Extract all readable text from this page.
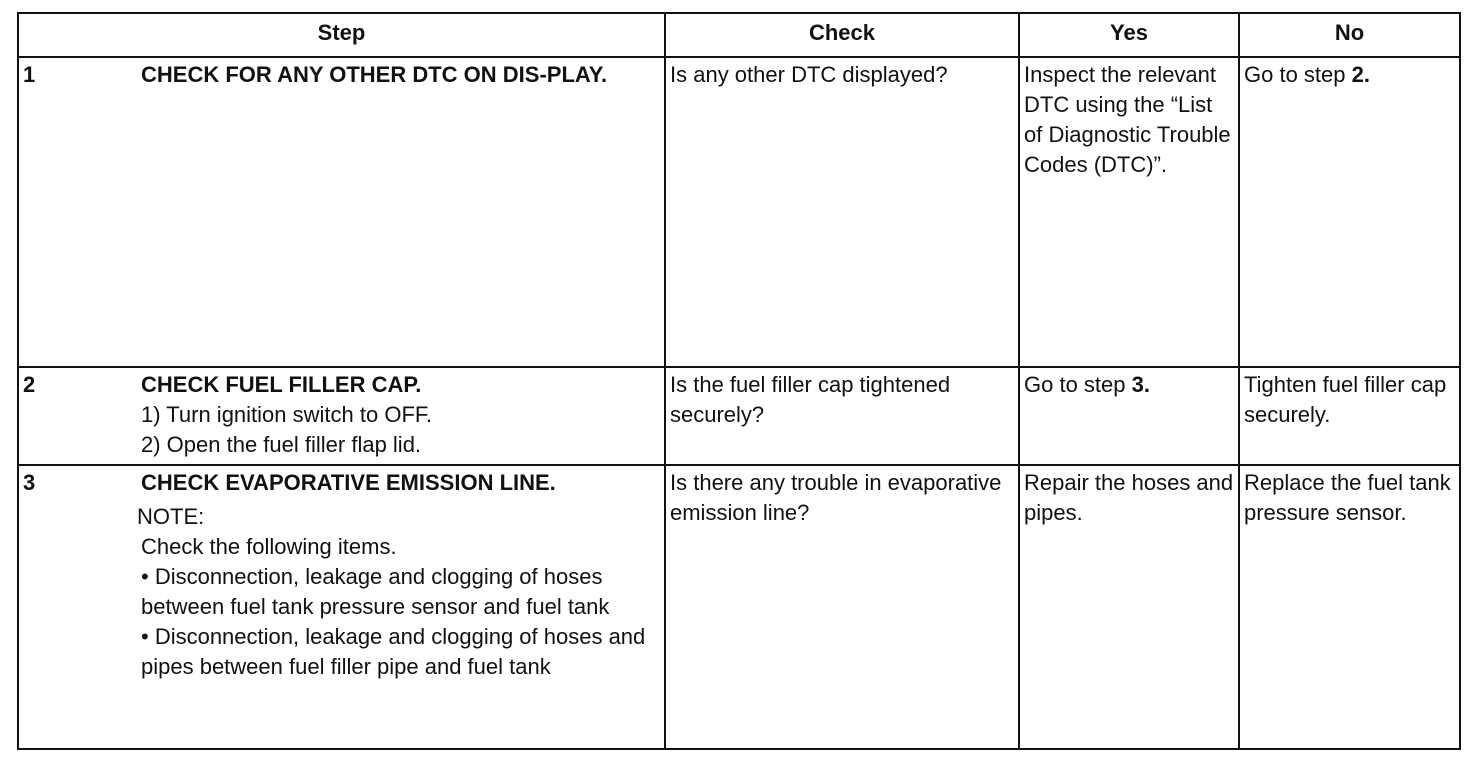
Step		Check	Yes	No
1	CHECK FOR ANY OTHER DTC ON DIS-PLAY.	Is any other DTC displayed?	Inspect the relevant DTC using the “List of Diagnostic Trouble Codes (DTC)”.	Go to step 2.
2	CHECK FUEL FILLER CAP.
1) Turn ignition switch to OFF.
2) Open the fuel filler flap lid.	Is the fuel filler cap tightened securely?	Go to step 3.	Tighten fuel filler cap securely.
3	CHECK EVAPORATIVE EMISSION LINE.
NOTE:
Check the following items.
• Disconnection, leakage and clogging of hoses between fuel tank pressure sensor and fuel tank
• Disconnection, leakage and clogging of hoses and pipes between fuel filler pipe and fuel tank	Is there any trouble in evaporative emission line?	Repair the hoses and pipes.	Replace the fuel tank pressure sensor.
